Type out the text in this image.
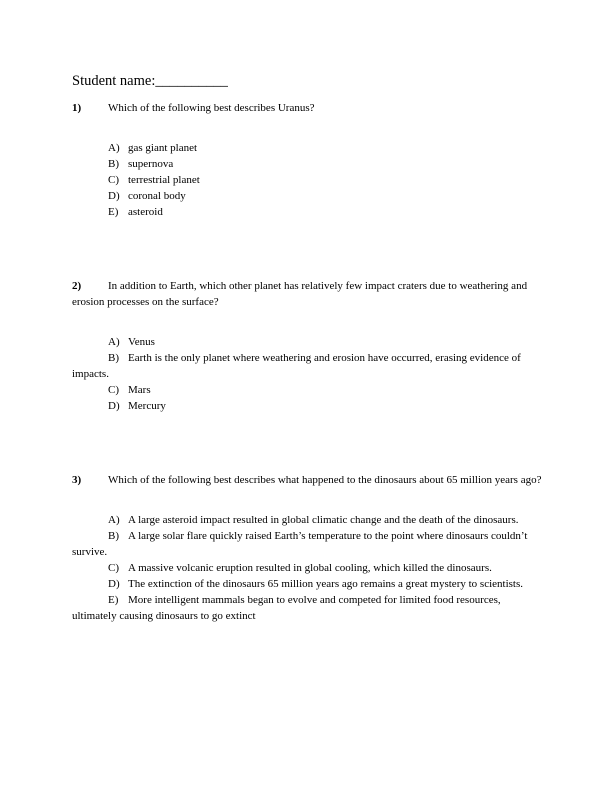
Student name:__________

1) Which of the following best describes Uranus?

A) gas giant planet

B) supernova

C) terrestrial planet

D) coronal body

E) asteroid

2) In addition to Earth, which other planet has relatively few impact craters due to weathering and erosion processes on the surface?

A) Venus

B) Earth is the only planet where weathering and erosion have occurred, erasing evidence of impacts.

C) Mars

D) Mercury

3) Which of the following best describes what happened to the dinosaurs about 65 million years ago?

A) A large asteroid impact resulted in global climatic change and the death of the dinosaurs.

B) A large solar flare quickly raised Earth’s temperature to the point where dinosaurs couldn’t survive.

C) A massive volcanic eruption resulted in global cooling, which killed the dinosaurs.

D) The extinction of the dinosaurs 65 million years ago remains a great mystery to scientists.

E) More intelligent mammals began to evolve and competed for limited food resources, ultimately causing dinosaurs to go extinct
